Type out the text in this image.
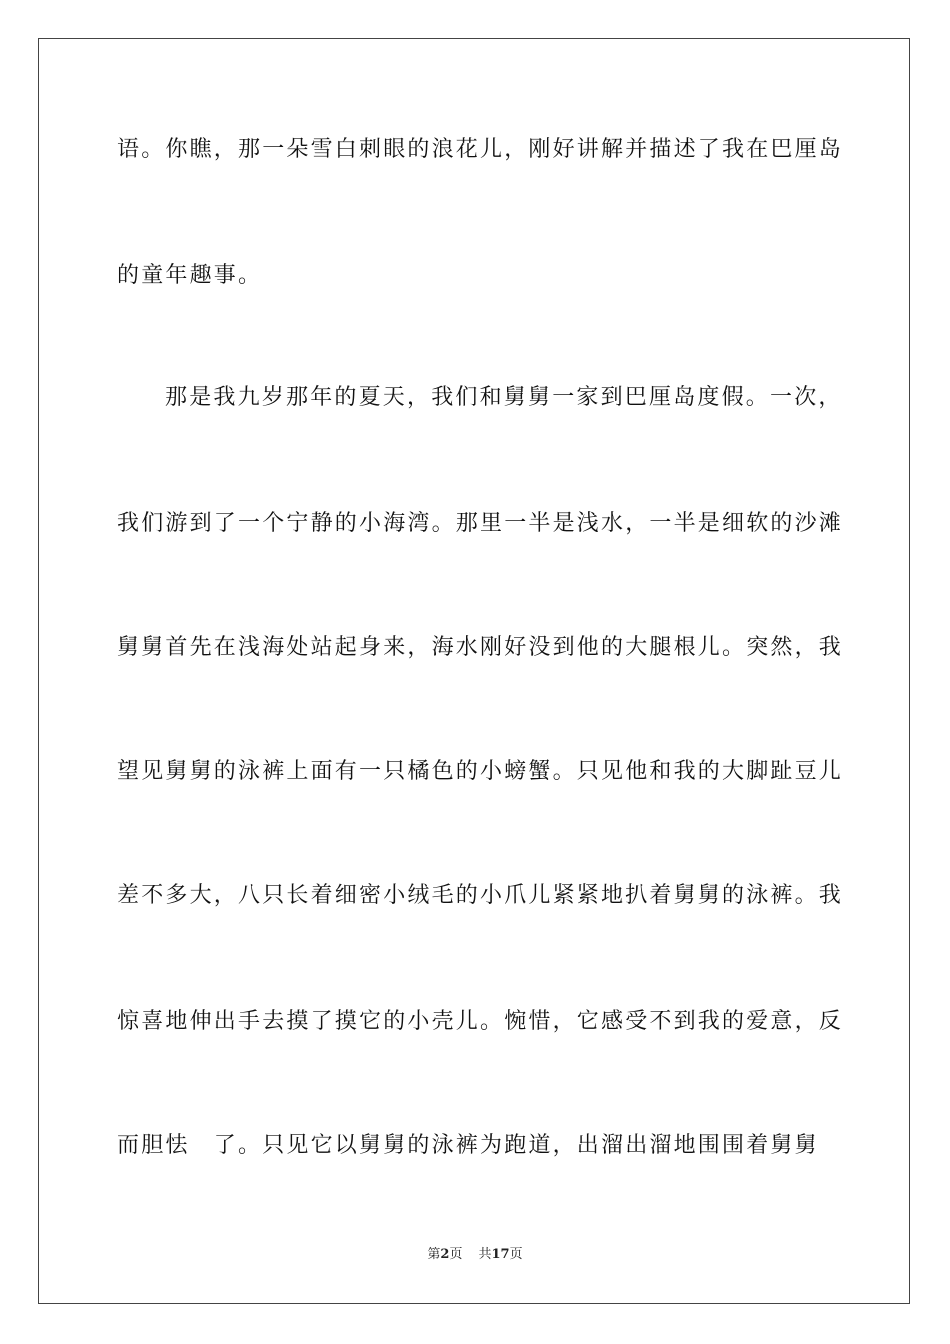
语。你瞧，那一朵雪白刺眼的浪花儿，刚好讲解并描述了我在巴厘岛
的童年趣事。
那是我九岁那年的夏天，我们和舅舅一家到巴厘岛度假。一次，
我们游到了一个宁静的小海湾。那里一半是浅水，一半是细软的沙滩
舅舅首先在浅海处站起身来，海水刚好没到他的大腿根儿。突然，我
望见舅舅的泳裤上面有一只橘色的小螃蟹。只见他和我的大脚趾豆儿
差不多大，八只长着细密小绒毛的小爪儿紧紧地扒着舅舅的泳裤。我
惊喜地伸出手去摸了摸它的小壳儿。惋惜，它感受不到我的爱意，反
而胆怯　了。只见它以舅舅的泳裤为跑道，出溜出溜地围围着舅舅
第2页 共17页
